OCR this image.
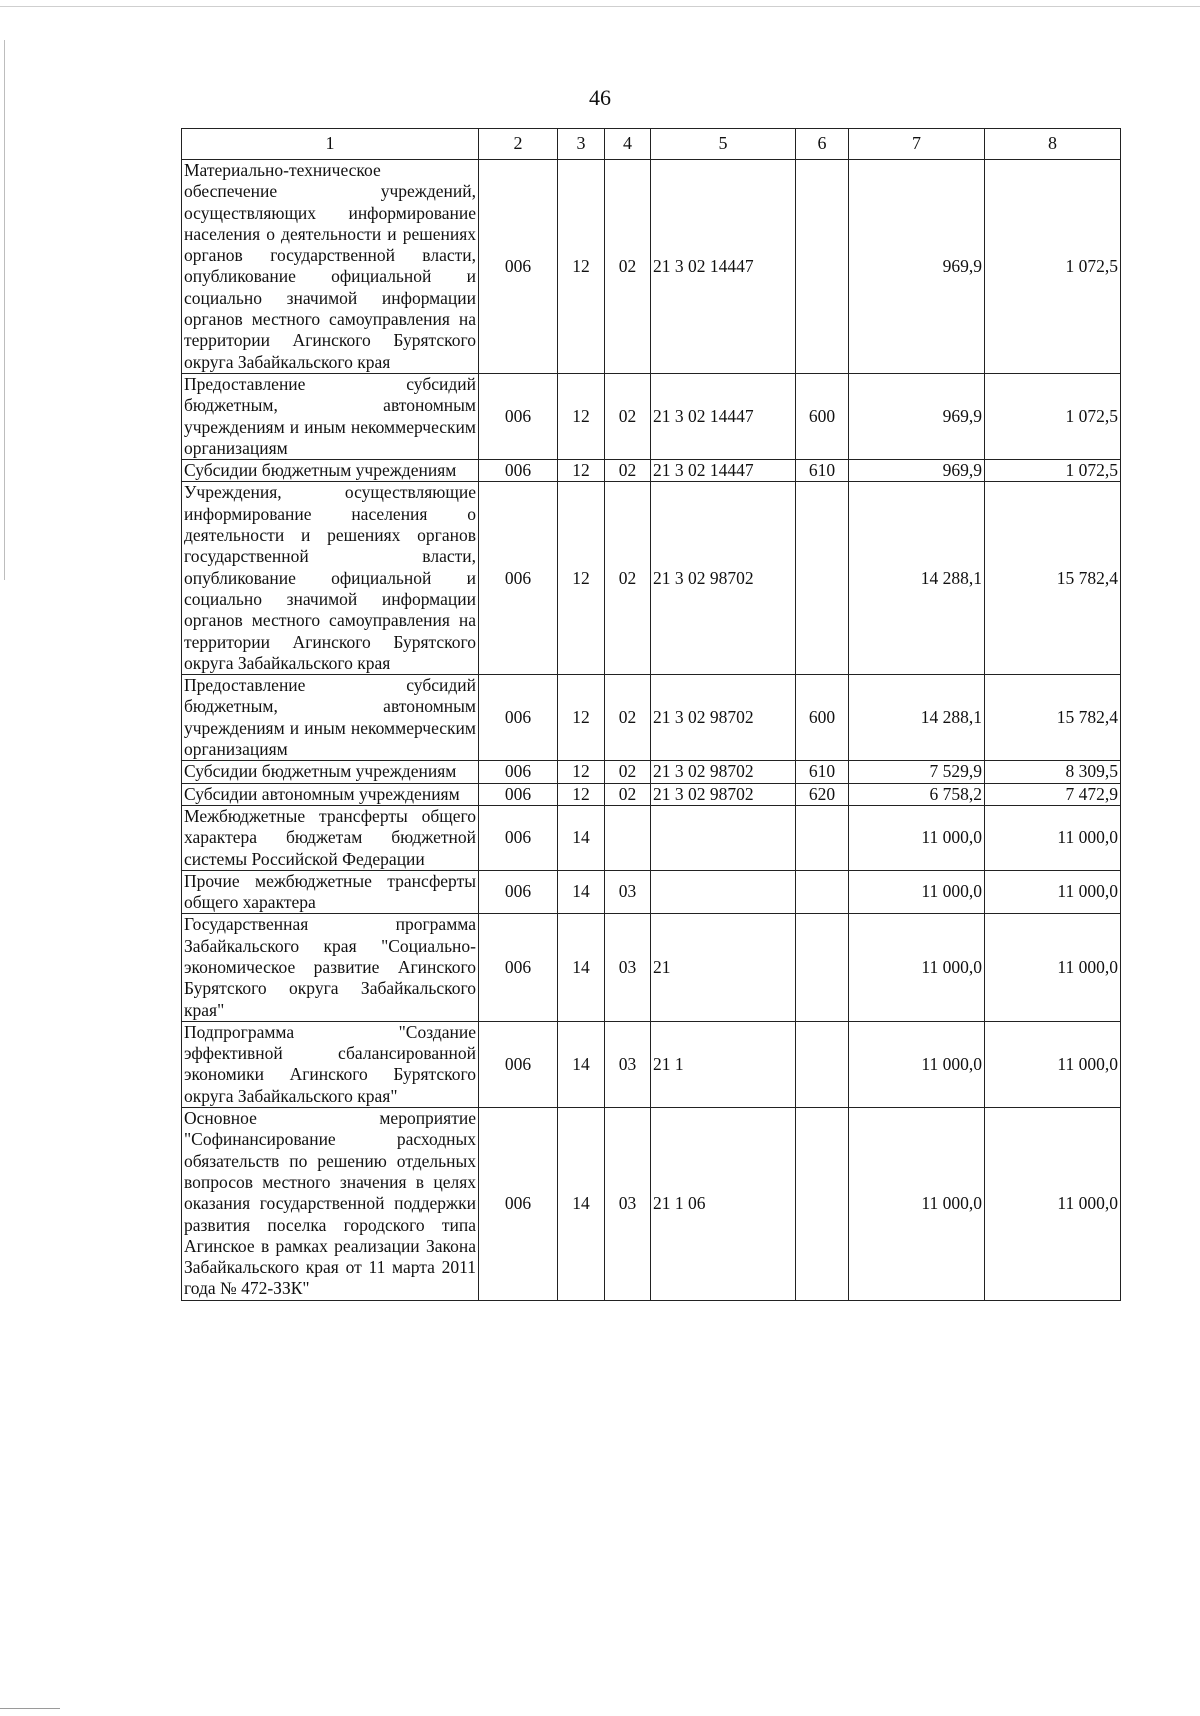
46
1	2	3	4	5	6	7	8
Материально-техническое обеспечение учреждений, осуществляющих информирование населения о деятельности и решениях органов государственной власти, опубликование официальной и социально значимой информации органов местного самоуправления на территории Агинского Бурятского округа Забайкальского края	006	12	02	21 3 02 14447		969,9	1 072,5
Предоставление субсидий бюджетным, автономным учреждениям и иным некоммерческим организациям	006	12	02	21 3 02 14447	600	969,9	1 072,5
Субсидии бюджетным учреждениям	006	12	02	21 3 02 14447	610	969,9	1 072,5
Учреждения, осуществляющие информирование населения о деятельности и решениях органов государственной власти, опубликование официальной и социально значимой информации органов местного самоуправления на территории Агинского Бурятского округа Забайкальского края	006	12	02	21 3 02 98702		14 288,1	15 782,4
Предоставление субсидий бюджетным, автономным учреждениям и иным некоммерческим организациям	006	12	02	21 3 02 98702	600	14 288,1	15 782,4
Субсидии бюджетным учреждениям	006	12	02	21 3 02 98702	610	7 529,9	8 309,5
Субсидии автономным учреждениям	006	12	02	21 3 02 98702	620	6 758,2	7 472,9
Межбюджетные трансферты общего характера бюджетам бюджетной системы Российской Федерации	006	14				11 000,0	11 000,0
Прочие межбюджетные трансферты общего характера	006	14	03			11 000,0	11 000,0
Государственная программа Забайкальского края "Социально-экономическое развитие Агинского Бурятского округа Забайкальского края"	006	14	03	21		11 000,0	11 000,0
Подпрограмма "Создание эффективной сбалансированной экономики Агинского Бурятского округа Забайкальского края"	006	14	03	21 1		11 000,0	11 000,0
Основное мероприятие "Софинансирование расходных обязательств по решению отдельных вопросов местного значения в целях оказания государственной поддержки развития поселка городского типа Агинское в рамках реализации Закона Забайкальского края от 11 марта 2011 года № 472-ЗЗК"	006	14	03	21 1 06		11 000,0	11 000,0
